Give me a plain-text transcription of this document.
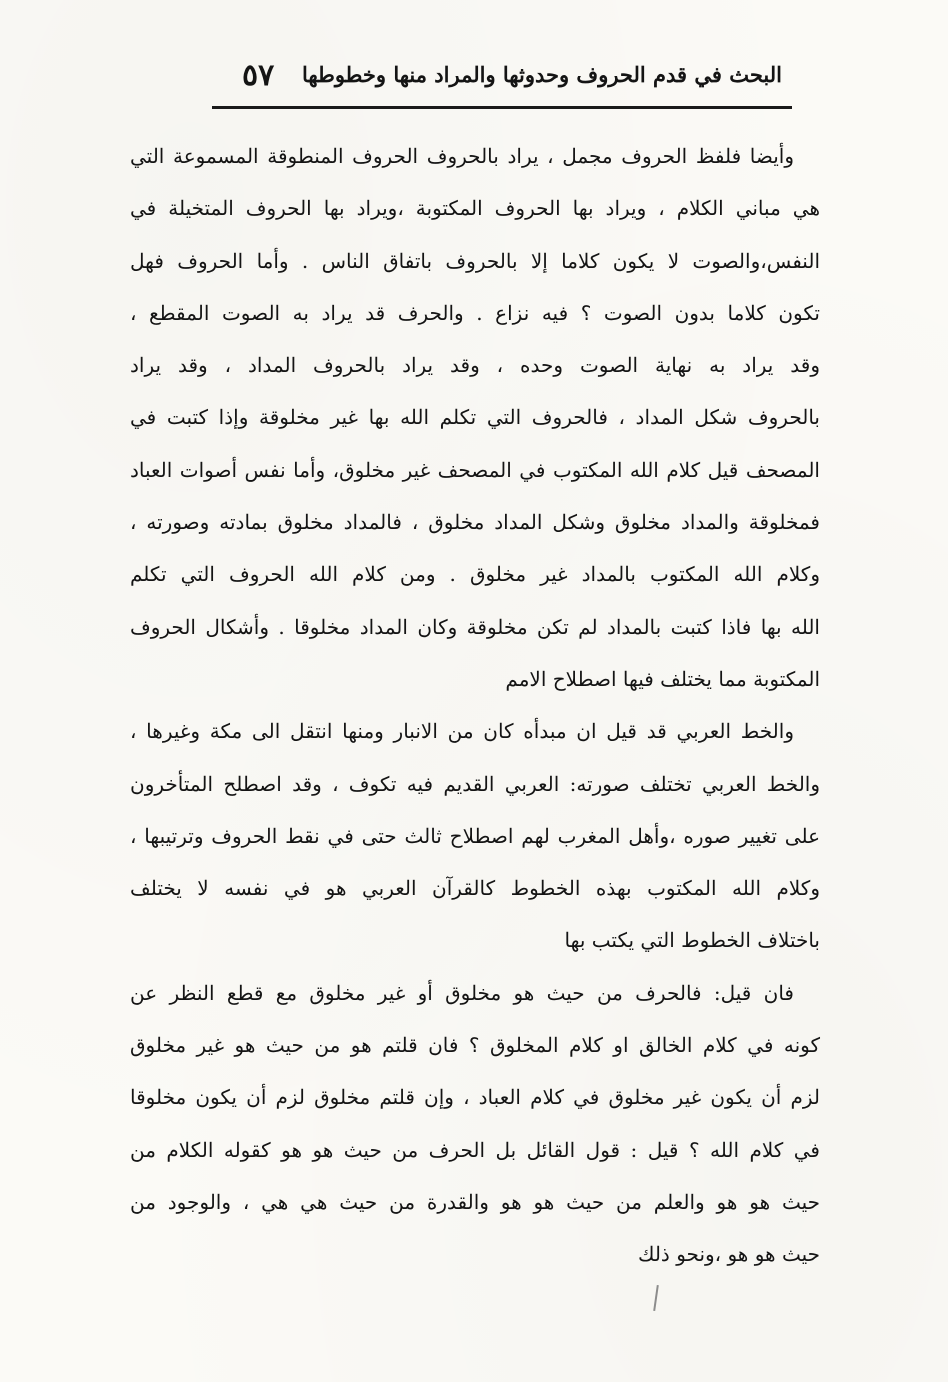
البحث في قدم الحروف وحدوثها والمراد منها وخطوطها
٥٧
وأيضا فلفظ الحروف مجمل ، يراد بالحروف الحروف المنطوقة المسموعة التي
هي مباني الكلام ، ويراد بها الحروف المكتوبة ،ويراد بها الحروف المتخيلة في
النفس،والصوت لا يكون كلاما إلا بالحروف باتفاق الناس . وأما الحروف فهل
تكون كلاما بدون الصوت ؟ فيه نزاع . والحرف قد يراد به الصوت المقطع ،
وقد يراد به نهاية الصوت وحده ، وقد يراد بالحروف المداد ، وقد يراد
بالحروف شكل المداد ، فالحروف التي تكلم الله بها غير مخلوقة وإذا كتبت في
المصحف قيل كلام الله المكتوب في المصحف غير مخلوق، وأما نفس أصوات العباد
فمخلوقة والمداد مخلوق وشكل المداد مخلوق ، فالمداد مخلوق بمادته وصورته ،
وكلام الله المكتوب بالمداد غير مخلوق . ومن كلام الله الحروف التي تكلم
الله بها فاذا كتبت بالمداد لم تكن مخلوقة وكان المداد مخلوقا . وأشكال الحروف
المكتوبة مما يختلف فيها اصطلاح الامم
والخط العربي قد قيل ان مبدأه كان من الانبار ومنها انتقل الى مكة وغيرها ،
والخط العربي تختلف صورته: العربي القديم فيه تكوف ، وقد اصطلح المتأخرون
على تغيير صوره ،وأهل المغرب لهم اصطلاح ثالث حتى في نقط الحروف وترتيبها ،
وكلام الله المكتوب بهذه الخطوط كالقرآن العربي هو في نفسه لا يختلف
باختلاف الخطوط التي يكتب بها
فان قيل: فالحرف من حيث هو مخلوق أو غير مخلوق مع قطع النظر عن
كونه في كلام الخالق او كلام المخلوق ؟ فان قلتم هو من حيث هو غير مخلوق
لزم أن يكون غير مخلوق في كلام العباد ، وإن قلتم مخلوق لزم أن يكون مخلوقا
في كلام الله ؟ قيل : قول القائل بل الحرف من حيث هو هو كقوله الكلام من
حيث هو هو والعلم من حيث هو هو والقدرة من حيث هي هي ، والوجود من
حيث هو هو ،ونحو ذلك
